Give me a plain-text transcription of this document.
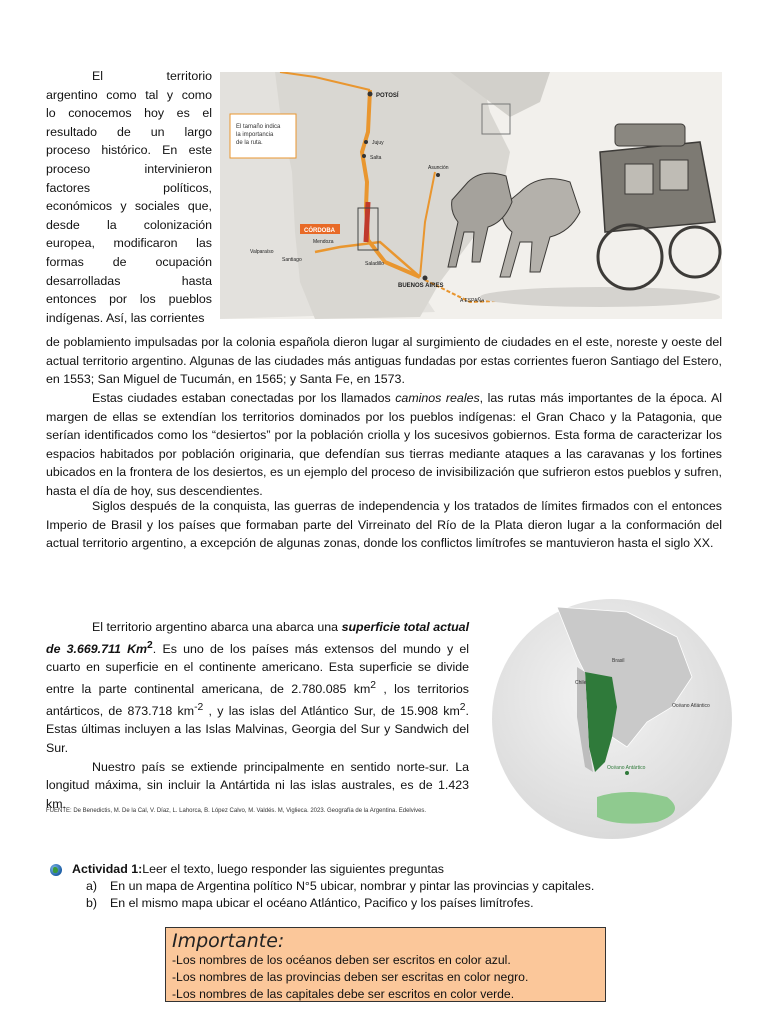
El territorio
argentino como tal y como
lo conocemos hoy es el
resultado de un largo
proceso histórico. En este
proceso intervinieron
factores políticos,
económicos y sociales que,
desde la colonización
europea, modificaron las
formas de ocupación
desarrolladas hasta
entonces por los pueblos
indígenas. Así, las corrientes
El tamaño indica la importancia de la ruta.
POTOSÍ
Jujuy
Salta
Asunción
CÓRDOBA
Mendoza
Valparaíso
Santiago
Saladillo
BUENOS AIRES
A ESPAÑA
de poblamiento impulsadas por la colonia española dieron lugar al surgimiento de ciudades en el este, noreste y oeste del actual territorio argentino. Algunas de las ciudades más antiguas fundadas por estas corrientes fueron Santiago del Estero, en 1553; San Miguel de Tucumán, en 1565; y Santa Fe, en 1573.
Estas ciudades estaban conectadas por los llamados caminos reales, las rutas más importantes de la época. Al margen de ellas se extendían los territorios dominados por los pueblos indígenas: el Gran Chaco y la Patagonia, que serían identificados como los “desiertos” por la población criolla y los sucesivos gobiernos. Esta forma de caracterizar los espacios habitados por población originaria, que defendían sus tierras mediante ataques a las caravanas y los fortines ubicados en la frontera de los desiertos, es un ejemplo del proceso de invisibilización que sufrieron estos pueblos y sufren, hasta el día de hoy, sus descendientes.
Siglos después de la conquista, las guerras de independencia y los tratados de límites firmados con el entonces Imperio de Brasil y los países que formaban parte del Virreinato del Río de la Plata dieron lugar a la conformación del actual territorio argentino, a excepción de algunas zonas, donde los conflictos limítrofes se mantuvieron hasta el siglo XX.
El territorio argentino abarca una abarca una superficie total actual de 3.669.711 Km$^2$. Es uno de los países más extensos del mundo y el cuarto en superficie en el continente americano. Esta superficie se divide entre la parte continental americana, de 2.780.085 $km^2$ , los territorios antárticos, de 873.718 $km^{-2}$ , y las islas del Atlántico Sur, de 15.908 $km^2$. Estas últimas incluyen a las Islas Malvinas, Georgia del Sur y Sandwich del Sur.
Nuestro país se extiende principalmente en sentido norte-sur. La longitud máxima, sin incluir la Antártida ni las islas australes, es de 1.423 km.
FUENTE: De Benedictis, M. De la Cal, V. Díaz, L. Lahorca, B. López Calvo, M. Valdés. M, Viglieca. 2023. Geografía de la Argentina. Edelvives.
Brasil
Chile
Océano Atlántico
Océano Antártico
Actividad 1: Leer el texto, luego responder las siguientes preguntas
a)	En un mapa de Argentina político N°5 ubicar, nombrar y pintar las provincias y capitales.
b)	En el mismo mapa ubicar el océano Atlántico, Pacifico y los países limítrofes.
Importante:
-Los nombres de los océanos deben ser escritos en color azul.
-Los nombres de las provincias deben ser escritas en color negro.
-Los nombres de las capitales debe ser escritos en color verde.
